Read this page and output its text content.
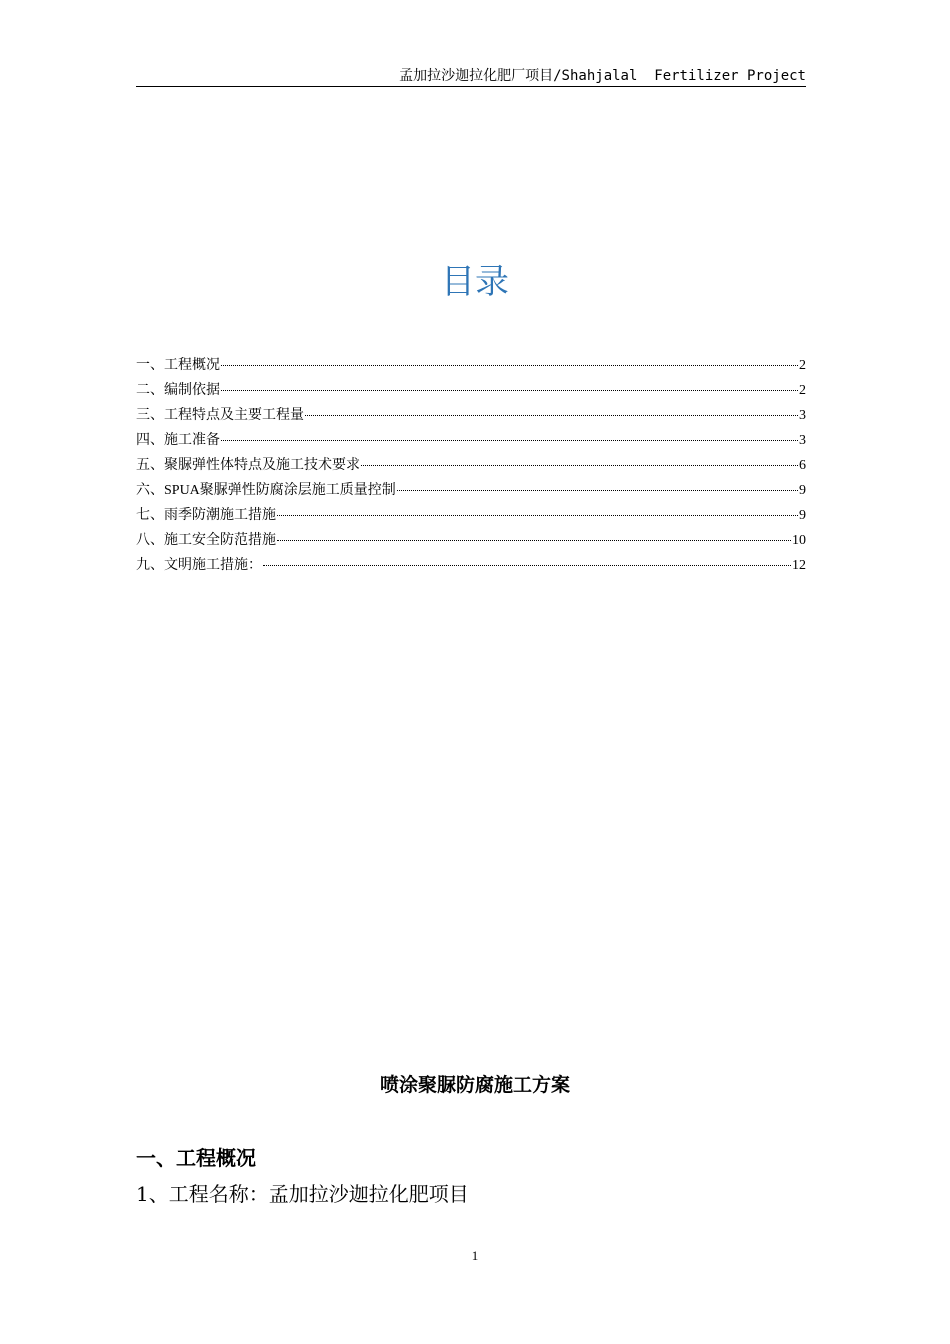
孟加拉沙迦拉化肥厂项目/Shahjalal  Fertilizer Project
目录
一、工程概况	2
二、编制依据	2
三、工程特点及主要工程量	3
四、施工准备	3
五、聚脲弹性体特点及施工技术要求	6
六、SPUA聚脲弹性防腐涂层施工质量控制	9
七、雨季防潮施工措施	9
八、施工安全防范措施	10
九、文明施工措施：	12
喷涂聚脲防腐施工方案
一、工程概况
1、工程名称：孟加拉沙迦拉化肥项目
1
